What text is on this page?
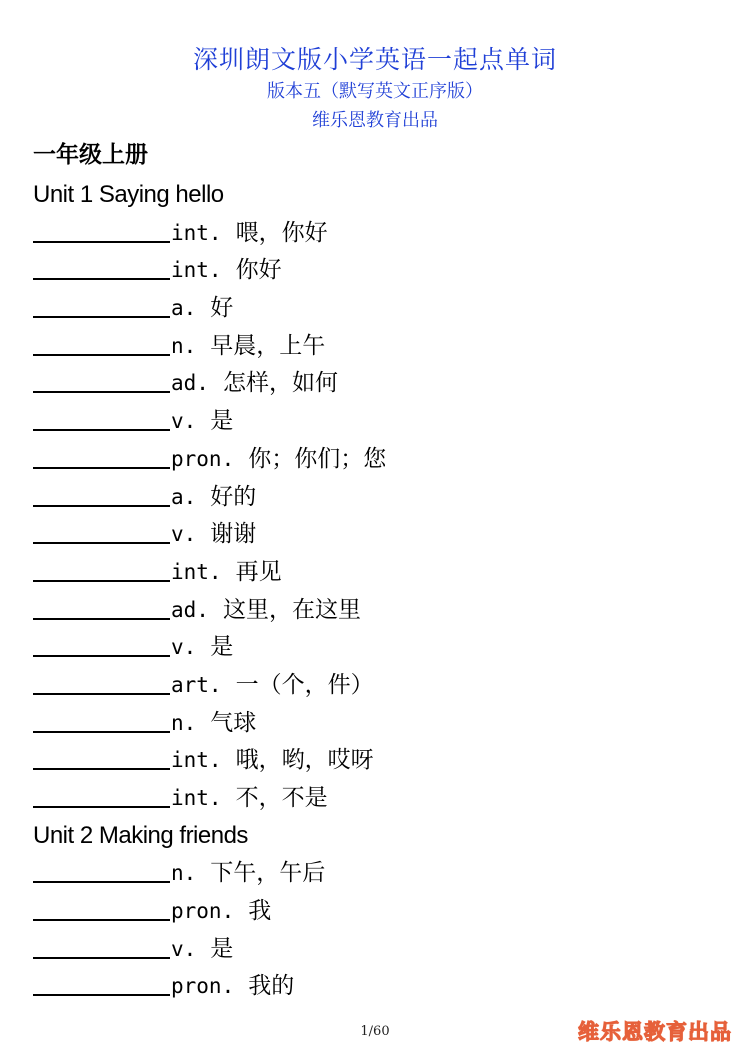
深圳朗文版小学英语一起点单词
版本五（默写英文正序版）
维乐恩教育出品
一年级上册
Unit 1 Saying hello
int. 喂，你好
int. 你好
a. 好
n. 早晨，上午
ad. 怎样，如何
v. 是
pron. 你；你们；您
a. 好的
v. 谢谢
int. 再见
ad. 这里，在这里
v. 是
art. 一（个，件）
n. 气球
int. 哦，哟，哎呀
int. 不，不是
Unit 2 Making friends
n. 下午，午后
pron. 我
v. 是
pron. 我的
1/60	维乐恩教育出品
